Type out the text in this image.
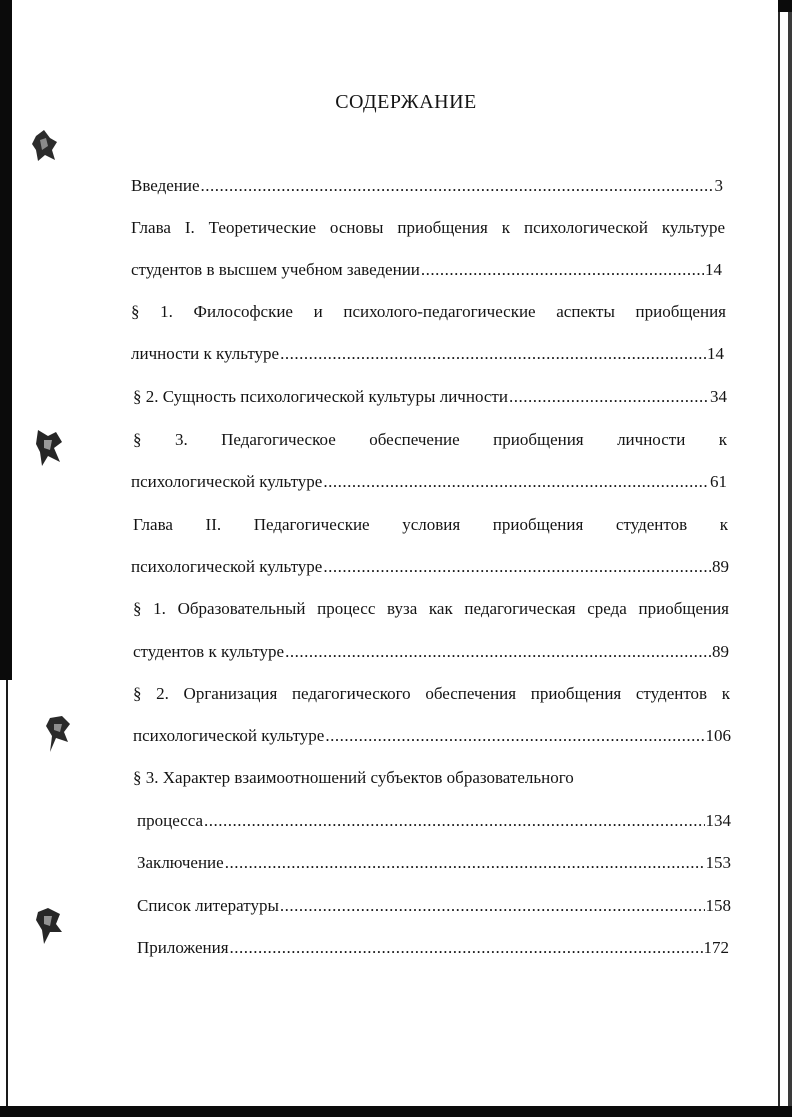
СОДЕРЖАНИЕ
Введение .....	3
Глава I. Теоретические основы приобщения к психологической культуре
студентов в высшем учебном заведении .....	14
§ 1. Философские и психолого-педагогические аспекты приобщения
личности к культуре .....	14
§ 2. Сущность психологической культуры личности .....	34
§ 3. Педагогическое обеспечение приобщения личности к
психологической культуре .....	61
Глава II. Педагогические условия приобщения студентов к
психологической культуре .....	89
§ 1. Образовательный процесс вуза как педагогическая среда приобщения
студентов к культуре .....	89
§ 2. Организация педагогического обеспечения приобщения студентов к
психологической культуре .....	106
§ 3. Характер взаимоотношений субъектов образовательного
процесса .....	134
Заключение .....	153
Список литературы .....	158
Приложения .....	172
